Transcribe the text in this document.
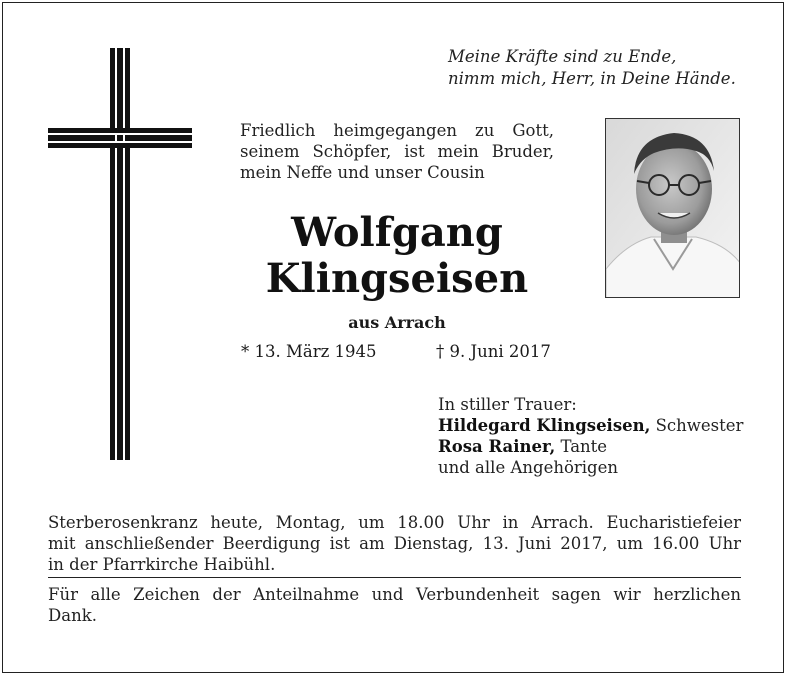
Meine Kräfte sind zu Ende,
nimm mich, Herr, in Deine Hände.
Friedlich heimgegangen zu Gott,
seinem Schöpfer, ist mein Bruder,
mein Neffe und unser Cousin
Wolfgang
Klingseisen
aus Arrach
* 13. März 1945	† 9. Juni 2017
In stiller Trauer:
Hildegard Klingseisen, Schwester
Rosa Rainer, Tante
und alle Angehörigen
Sterberosenkranz heute, Montag, um 18.00 Uhr in Arrach. Eucharistiefeier
mit anschließender Beerdigung ist am Dienstag, 13. Juni 2017, um 16.00 Uhr
in der Pfarrkirche Haibühl.
Für alle Zeichen der Anteilnahme und Verbundenheit sagen wir herzlichen
Dank.
